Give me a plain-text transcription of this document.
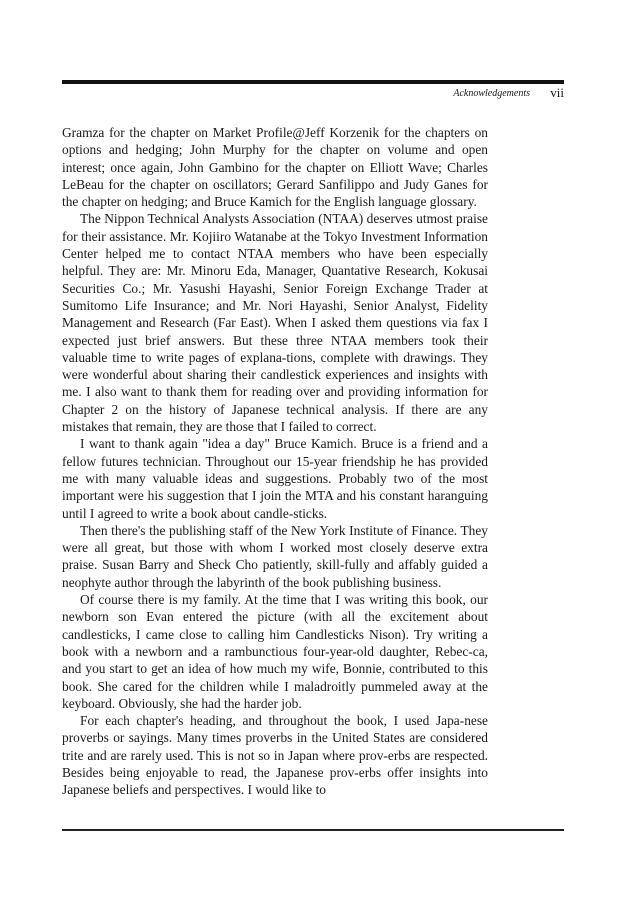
Acknowledgements vii

Gramza for the chapter on Market Profile@Jeff Korzenik for the chapters on options and hedging; John Murphy for the chapter on volume and open interest; once again, John Gambino for the chapter on Elliott Wave; Charles LeBeau for the chapter on oscillators; Gerard Sanfilippo and Judy Ganes for the chapter on hedging; and Bruce Kamich for the English language glossary.

The Nippon Technical Analysts Association (NTAA) deserves utmost praise for their assistance. Mr. Kojiiro Watanabe at the Tokyo Investment Information Center helped me to contact NTAA members who have been especially helpful. They are: Mr. Minoru Eda, Manager, Quantative Research, Kokusai Securities Co.; Mr. Yasushi Hayashi, Senior Foreign Exchange Trader at Sumitomo Life Insurance; and Mr. Nori Hayashi, Senior Analyst, Fidelity Management and Research (Far East). When I asked them questions via fax I expected just brief answers. But these three NTAA members took their valuable time to write pages of explana-tions, complete with drawings. They were wonderful about sharing their candlestick experiences and insights with me. I also want to thank them for reading over and providing information for Chapter 2 on the history of Japanese technical analysis. If there are any mistakes that remain, they are those that I failed to correct.

I want to thank again "idea a day" Bruce Kamich. Bruce is a friend and a fellow futures technician. Throughout our 15-year friendship he has provided me with many valuable ideas and suggestions. Probably two of the most important were his suggestion that I join the MTA and his constant haranguing until I agreed to write a book about candle-sticks.

Then there's the publishing staff of the New York Institute of Finance. They were all great, but those with whom I worked most closely deserve extra praise. Susan Barry and Sheck Cho patiently, skill-fully and affably guided a neophyte author through the labyrinth of the book publishing business.

Of course there is my family. At the time that I was writing this book, our newborn son Evan entered the picture (with all the excitement about candlesticks, I came close to calling him Candlesticks Nison). Try writing a book with a newborn and a rambunctious four-year-old daughter, Rebec-ca, and you start to get an idea of how much my wife, Bonnie, contributed to this book. She cared for the children while I maladroitly pummeled away at the keyboard. Obviously, she had the harder job.

For each chapter's heading, and throughout the book, I used Japa-nese proverbs or sayings. Many times proverbs in the United States are considered trite and are rarely used. This is not so in Japan where prov-erbs are respected. Besides being enjoyable to read, the Japanese prov-erbs offer insights into Japanese beliefs and perspectives. I would like to
